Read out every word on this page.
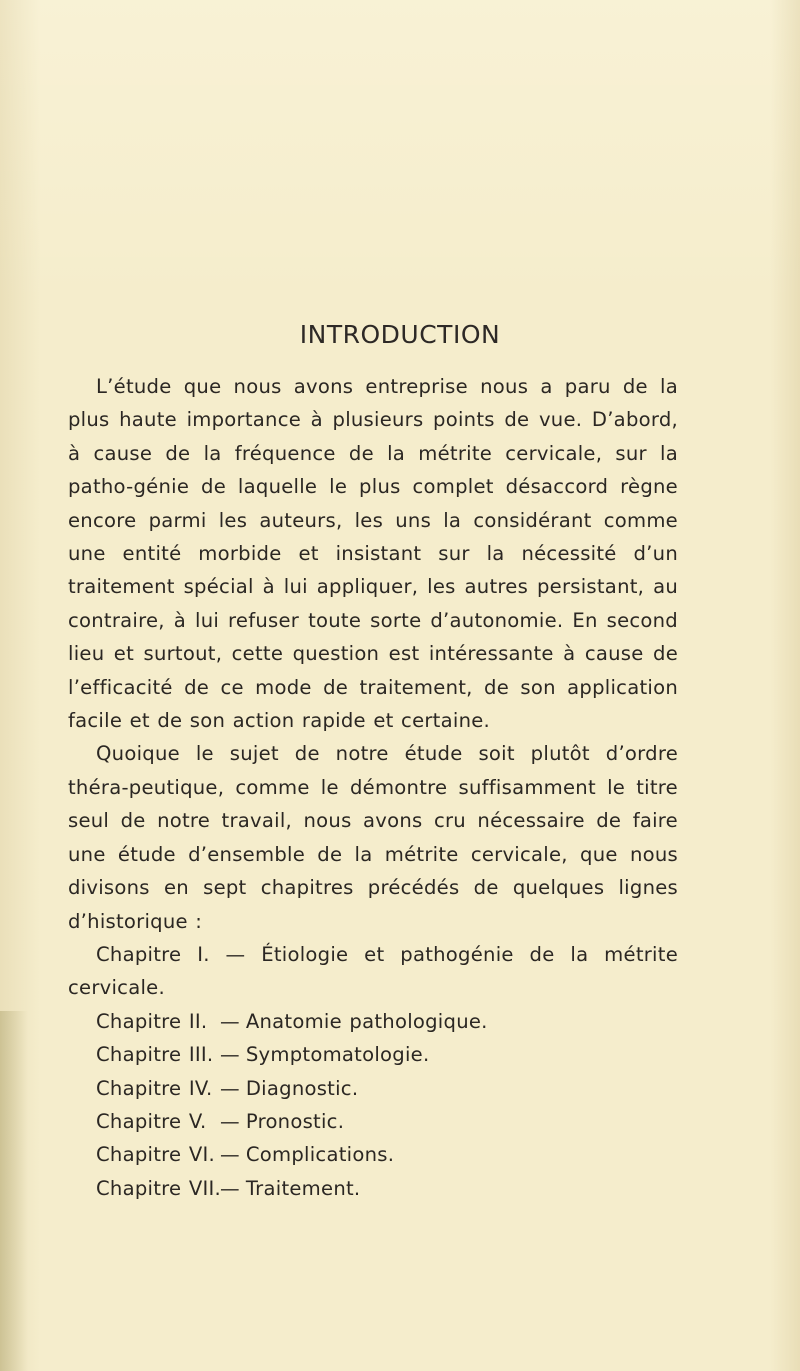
INTRODUCTION

L’étude que nous avons entreprise nous a paru de la plus haute importance à plusieurs points de vue. D’abord, à cause de la fréquence de la métrite cervicale, sur la patho-génie de laquelle le plus complet désaccord règne encore parmi les auteurs, les uns la considérant comme une entité morbide et insistant sur la nécessité d’un traitement spécial à lui appliquer, les autres persistant, au contraire, à lui refuser toute sorte d’autonomie. En second lieu et surtout, cette question est intéressante à cause de l’efficacité de ce mode de traitement, de son application facile et de son action rapide et certaine.

Quoique le sujet de notre étude soit plutôt d’ordre théra-peutique, comme le démontre suffisamment le titre seul de notre travail, nous avons cru nécessaire de faire une étude d’ensemble de la métrite cervicale, que nous divisons en sept chapitres précédés de quelques lignes d’historique :

Chapitre I. — Étiologie et pathogénie de la métrite cervicale.

Chapitre II. — Anatomie pathologique.
Chapitre III. — Symptomatologie.
Chapitre IV. — Diagnostic.
Chapitre V. — Pronostic.
Chapitre VI. — Complications.
Chapitre VII.
— Traitement.
